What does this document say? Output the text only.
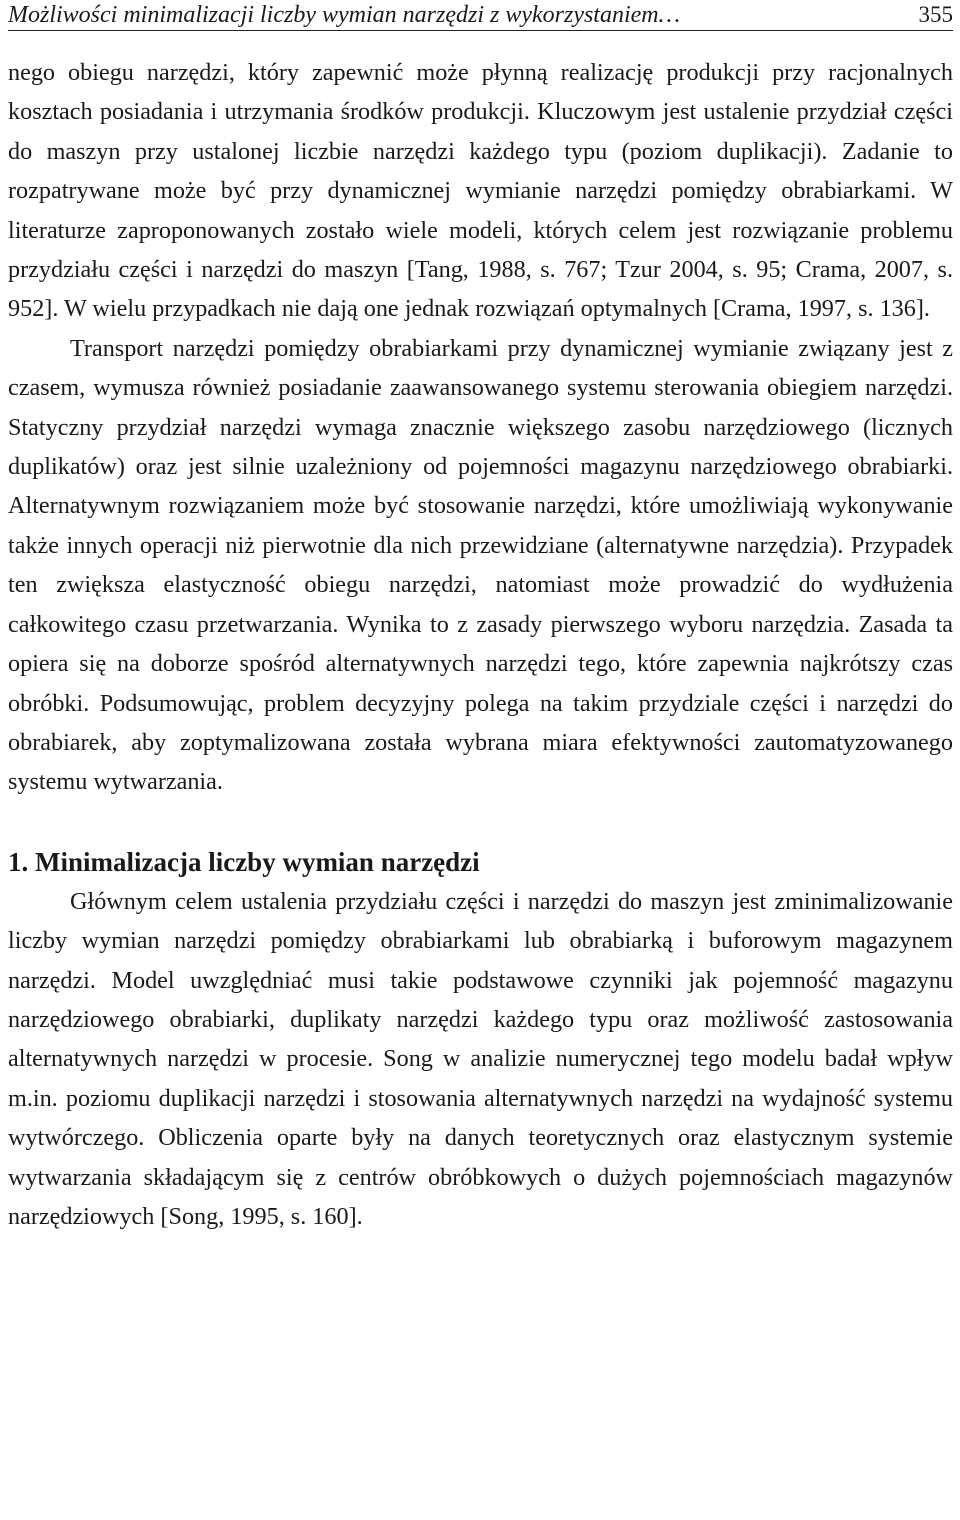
Możliwości minimalizacji liczby wymian narzędzi z wykorzystaniem…	355

nego obiegu narzędzi, który zapewnić może płynną realizację produkcji przy racjonalnych kosztach posiadania i utrzymania środków produkcji. Kluczowym jest ustalenie przydział części do maszyn przy ustalonej liczbie narzędzi każdego typu (poziom duplikacji). Zadanie to rozpatrywane może być przy dynamicznej wymianie narzędzi pomiędzy obrabiarkami. W literaturze zaproponowanych zostało wiele modeli, których celem jest rozwiązanie problemu przydziału części i narzędzi do maszyn [Tang, 1988, s. 767; Tzur 2004, s. 95; Crama, 2007, s. 952]. W wielu przypadkach nie dają one jednak rozwiązań optymalnych [Crama, 1997, s. 136].

Transport narzędzi pomiędzy obrabiarkami przy dynamicznej wymianie związany jest z czasem, wymusza również posiadanie zaawansowanego systemu sterowania obiegiem narzędzi. Statyczny przydział narzędzi wymaga znacznie większego zasobu narzędziowego (licznych duplikatów) oraz jest silnie uzależniony od pojemności magazynu narzędziowego obrabiarki. Alternatywnym rozwiązaniem może być stosowanie narzędzi, które umożliwiają wykonywanie także innych operacji niż pierwotnie dla nich przewidziane (alternatywne narzędzia). Przypadek ten zwiększa elastyczność obiegu narzędzi, natomiast może prowadzić do wydłużenia całkowitego czasu przetwarzania. Wynika to z zasady pierwszego wyboru narzędzia. Zasada ta opiera się na doborze spośród alternatywnych narzędzi tego, które zapewnia najkrótszy czas obróbki. Podsumowując, problem decyzyjny polega na takim przydziale części i narzędzi do obrabiarek, aby zoptymalizowana została wybrana miara efektywności zautomatyzowanego systemu wytwarzania.

1. Minimalizacja liczby wymian narzędzi

Głównym celem ustalenia przydziału części i narzędzi do maszyn jest zminimalizowanie liczby wymian narzędzi pomiędzy obrabiarkami lub obrabiarką i buforowym magazynem narzędzi. Model uwzględniać musi takie podstawowe czynniki jak pojemność magazynu narzędziowego obrabiarki, duplikaty narzędzi każdego typu oraz możliwość zastosowania alternatywnych narzędzi w procesie. Song w analizie numerycznej tego modelu badał wpływ m.in. poziomu duplikacji narzędzi i stosowania alternatywnych narzędzi na wydajność systemu wytwórczego. Obliczenia oparte były na danych teoretycznych oraz elastycznym systemie wytwarzania składającym się z centrów obróbkowych o dużych pojemnościach magazynów narzędziowych [Song, 1995, s. 160].
